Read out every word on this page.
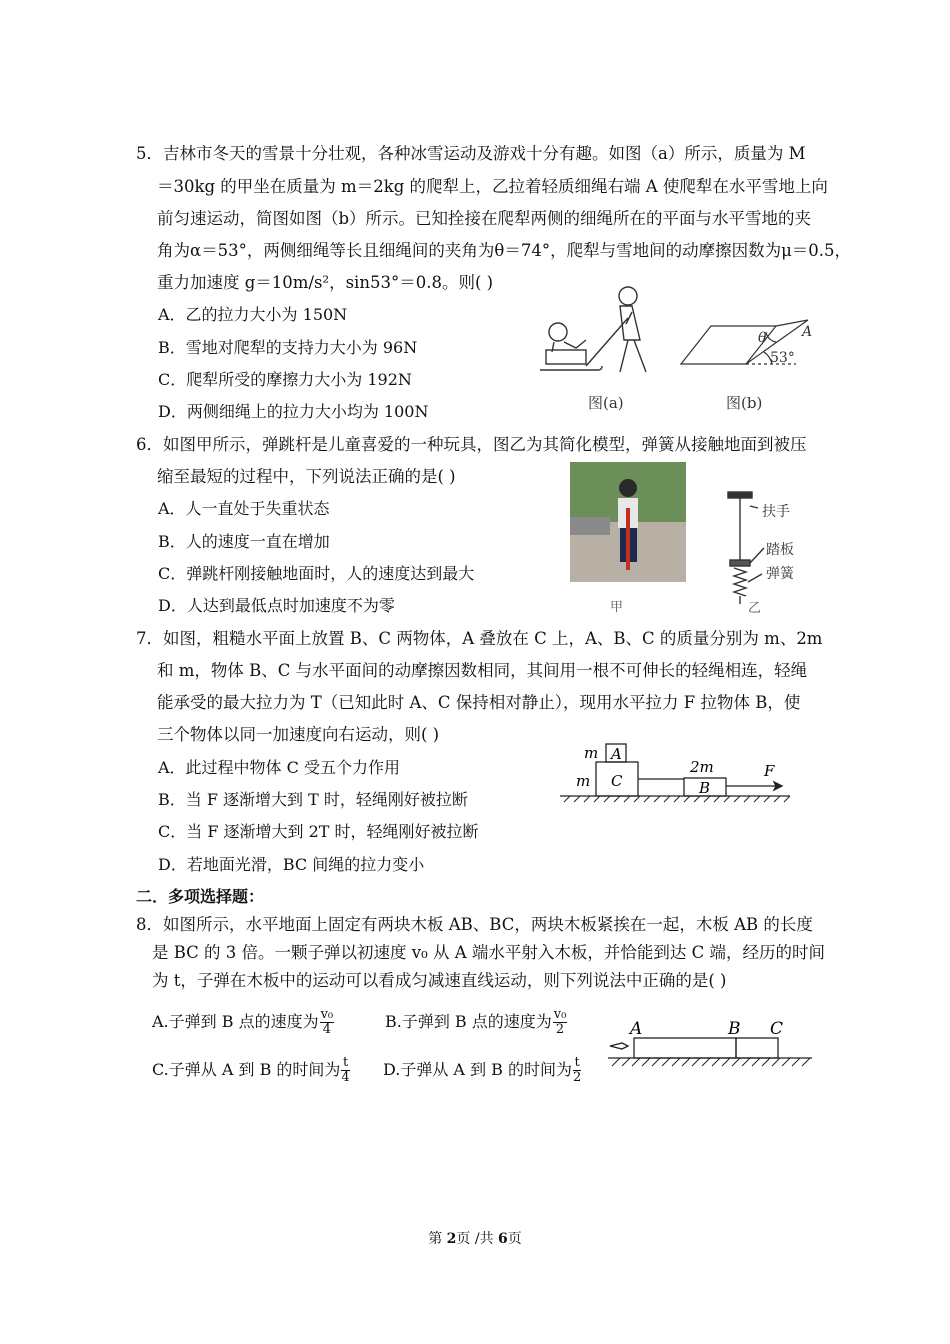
5．吉林市冬天的雪景十分壮观，各种冰雪运动及游戏十分有趣。如图（a）所示，质量为 M
＝30kg 的甲坐在质量为 m＝2kg 的爬犁上，乙拉着轻质细绳右端 A 使爬犁在水平雪地上向
前匀速运动，简图如图（b）所示。已知拴接在爬犁两侧的细绳所在的平面与水平雪地的夹
角为α＝53°，两侧细绳等长且细绳间的夹角为θ＝74°，爬犁与雪地间的动摩擦因数为μ＝0.5，
重力加速度 g＝10m/s²，sin53°＝0.8。则( )
A．乙的拉力大小为 150N
B．雪地对爬犁的支持力大小为 96N
C．爬犁所受的摩擦力大小为 192N
D．两侧细绳上的拉力大小均为 100N	图(a)
θ
53°
A
图(b)
6．如图甲所示，弹跳杆是儿童喜爱的一种玩具，图乙为其简化模型，弹簧从接触地面到被压
缩至最短的过程中，下列说法正确的是( )
A．人一直处于失重状态
B．人的速度一直在增加
C．弹跳杆刚接触地面时，人的速度达到最大
D．人达到最低点时加速度不为零	甲
扶手
踏板
弹簧
乙
7．如图，粗糙水平面上放置 B、C 两物体，A 叠放在 C 上，A、B、C 的质量分别为 m、2m
和 m，物体 B、C 与水平面间的动摩擦因数相同，其间用一根不可伸长的轻绳相连，轻绳
能承受的最大拉力为 T（已知此时 A、C 保持相对静止），现用水平拉力 F 拉物体 B，使
三个物体以同一加速度向右运动，则( )
A．此过程中物体 C 受五个力作用
B．当 F 逐渐增大到 T 时，轻绳刚好被拉断
C．当 F 逐渐增大到 2T 时，轻绳刚好被拉断
D．若地面光滑，BC 间绳的拉力变小
m A
m C
2m
B
F
二．多项选择题：
8．如图所示，水平地面上固定有两块木板 AB、BC，两块木板紧挨在一起，木板 AB 的长度
是 BC 的 3 倍。一颗子弹以初速度 v₀ 从 A 端水平射入木板，并恰能到达 C 端，经历的时间
为 t，子弹在木板中的运动可以看成匀减速直线运动，则下列说法中正确的是( )
A.子弹到 B 点的速度为 $\frac{\text{v₀}}{4}$	B.子弹到 B 点的速度为 $\frac{\text{v₀}}{2}$
C.子弹从 A 到 B 的时间为 $\frac{t}{4} D$.子弹从 A 到 B 的时间为 $\frac{t}{2}$
A	B C
第 2页 /共 6页
